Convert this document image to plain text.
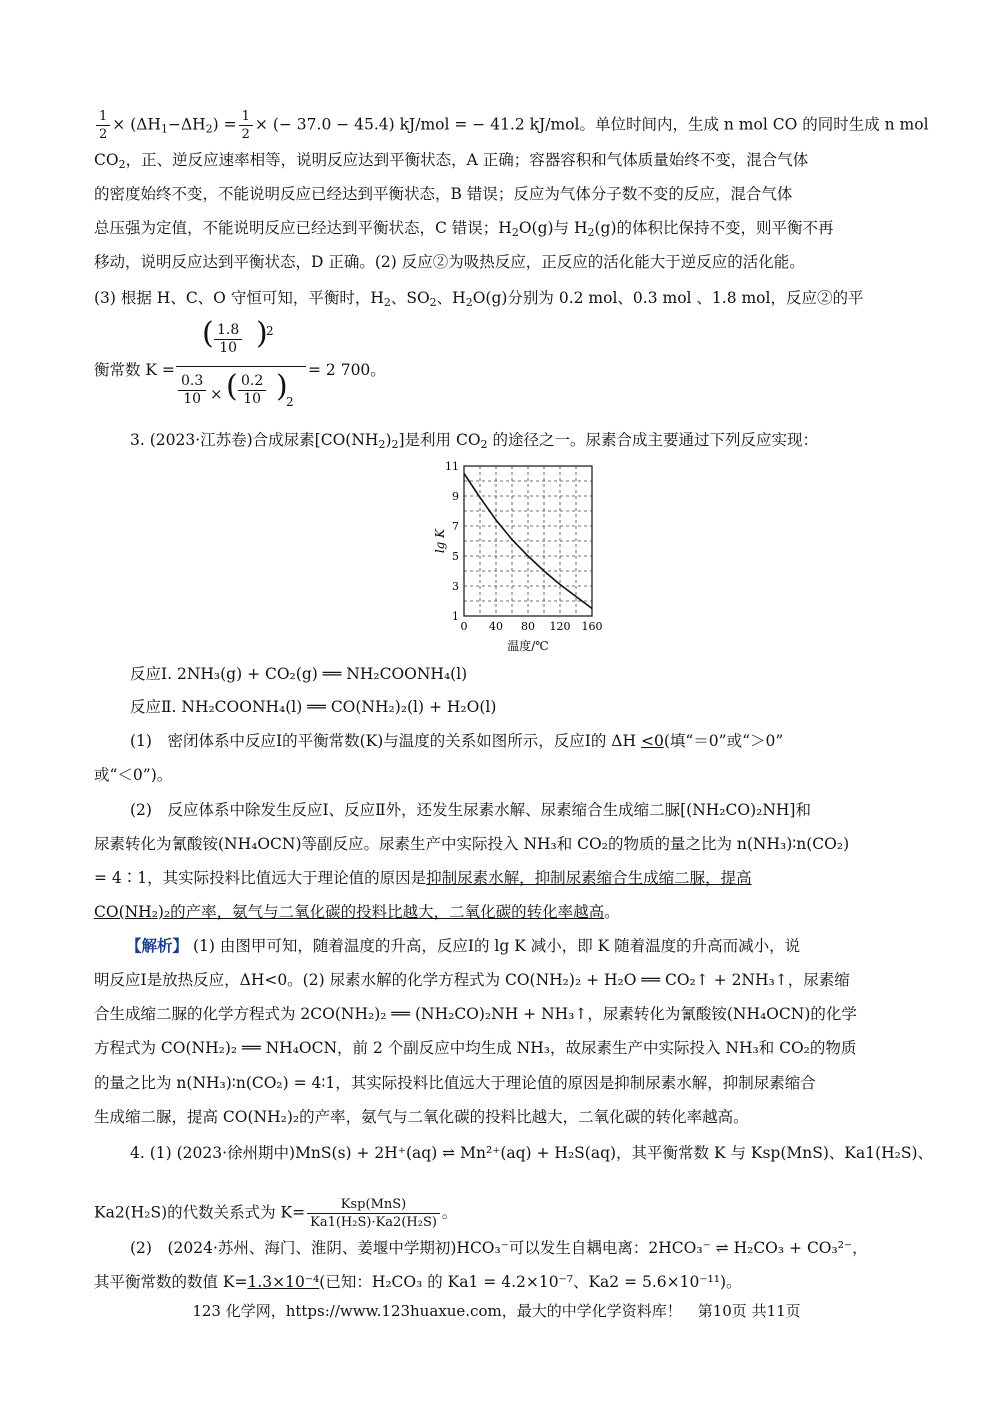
$\frac{1}{2} \times (\Delta H_1-\Delta H_2) = \frac{1}{2}$ × (− 37.0 − 45.4) kJ/mol = − 41.2 kJ/mol。单位时间内，生成 n mol CO 的同时生成 n mol
$CO_2$，正、逆反应速率相等，说明反应达到平衡状态，A 正确；容器容积和气体质量始终不变，混合气体
的密度始终不变，不能说明反应已经达到平衡状态，B 错误；反应为气体分子数不变的反应，混合气体
总压强为定值，不能说明反应已经达到平衡状态，C 错误；$H_2O(g)$与 $H_2(g)$的体积比保持不变，则平衡不再
移动，说明反应达到平衡状态，D 正确。(2) 反应②为吸热反应，正反应的活化能大于逆反应的活化能。
(3) 根据 H、C、O 守恒可知，平衡时，$H_2$、$SO_2$、$H_2O(g)$分别为 0.2 mol、0.3 mol 、1.8 mol，反应②的平
衡常数 K =
( $\frac{1.8}{10}$ )
2
$\frac{0.3}{10}$ × ( $\frac{0.2}{10}$ )
2
= 2 700。
3. (2023·江苏卷)合成尿素$[CO(NH_2)_2]$是利用 $CO_2$ 的途径之一。尿素合成主要通过下列反应实现：
0 40 80 120 160
1
3
5
7
9
11
温度/℃
lg K
反应Ⅰ. 2NH₃(g) + CO₂(g) ══ NH₂COONH₄(l)
反应Ⅱ. NH₂COONH₄(l) ══ CO(NH₂)₂(l) + H₂O(l)
(1)　密闭体系中反应Ⅰ的平衡常数(K)与温度的关系如图所示，反应Ⅰ的 ΔH <0(填“＝0”或“＞0”
或“＜0”)。
(2)　反应体系中除发生反应Ⅰ、反应Ⅱ外，还发生尿素水解、尿素缩合生成缩二脲[(NH₂CO)₂NH]和
尿素转化为氰酸铵(NH₄OCN)等副反应。尿素生产中实际投入 NH₃和 CO₂的物质的量之比为 n(NH₃)∶n(CO₂)
= 4∶1，其实际投料比值远大于理论值的原因是抑制尿素水解，抑制尿素缩合生成缩二脲，提高
CO(NH₂)₂的产率，氨气与二氧化碳的投料比越大，二氧化碳的转化率越高。
【解析】 (1) 由图甲可知，随着温度的升高，反应Ⅰ的 lg K 减小，即 K 随着温度的升高而减小，说
明反应Ⅰ是放热反应，ΔH<0。(2) 尿素水解的化学方程式为 CO(NH₂)₂ + H₂O ══ CO₂↑ + 2NH₃↑，尿素缩
合生成缩二脲的化学方程式为 2CO(NH₂)₂ ══ (NH₂CO)₂NH + NH₃↑，尿素转化为氰酸铵(NH₄OCN)的化学
方程式为 CO(NH₂)₂ ══ NH₄OCN，前 2 个副反应中均生成 NH₃，故尿素生产中实际投入 NH₃和 CO₂的物质
的量之比为 n(NH₃)∶n(CO₂) = 4∶1，其实际投料比值远大于理论值的原因是抑制尿素水解，抑制尿素缩合
生成缩二脲，提高 CO(NH₂)₂的产率，氨气与二氧化碳的投料比越大，二氧化碳的转化率越高。
4. (1) (2023·徐州期中)MnS(s) + 2H⁺(aq) ⇌ Mn²⁺(aq) + H₂S(aq)，其平衡常数 K 与 Ksp(MnS)、Ka1(H₂S)、
Ka2(H₂S)的代数关系式为 $K= \frac{\text{Ksp(MnS)}}{\text{Ka1(H₂S)·Ka2(H₂S)}}$ 。
(2)　(2024·苏州、海门、淮阴、姜堰中学期初)HCO₃⁻可以发生自耦电离：2HCO₃⁻ ⇌ H₂CO₃ + CO₃²⁻，
其平衡常数的数值 K=1.3×10⁻⁴(已知：H₂CO₃ 的 Ka1 = 4.2×10⁻⁷、Ka2 = 5.6×10⁻¹¹)。
123 化学网，https://www.123huaxue.com，最大的中学化学资料库！ 第10页 共11页
